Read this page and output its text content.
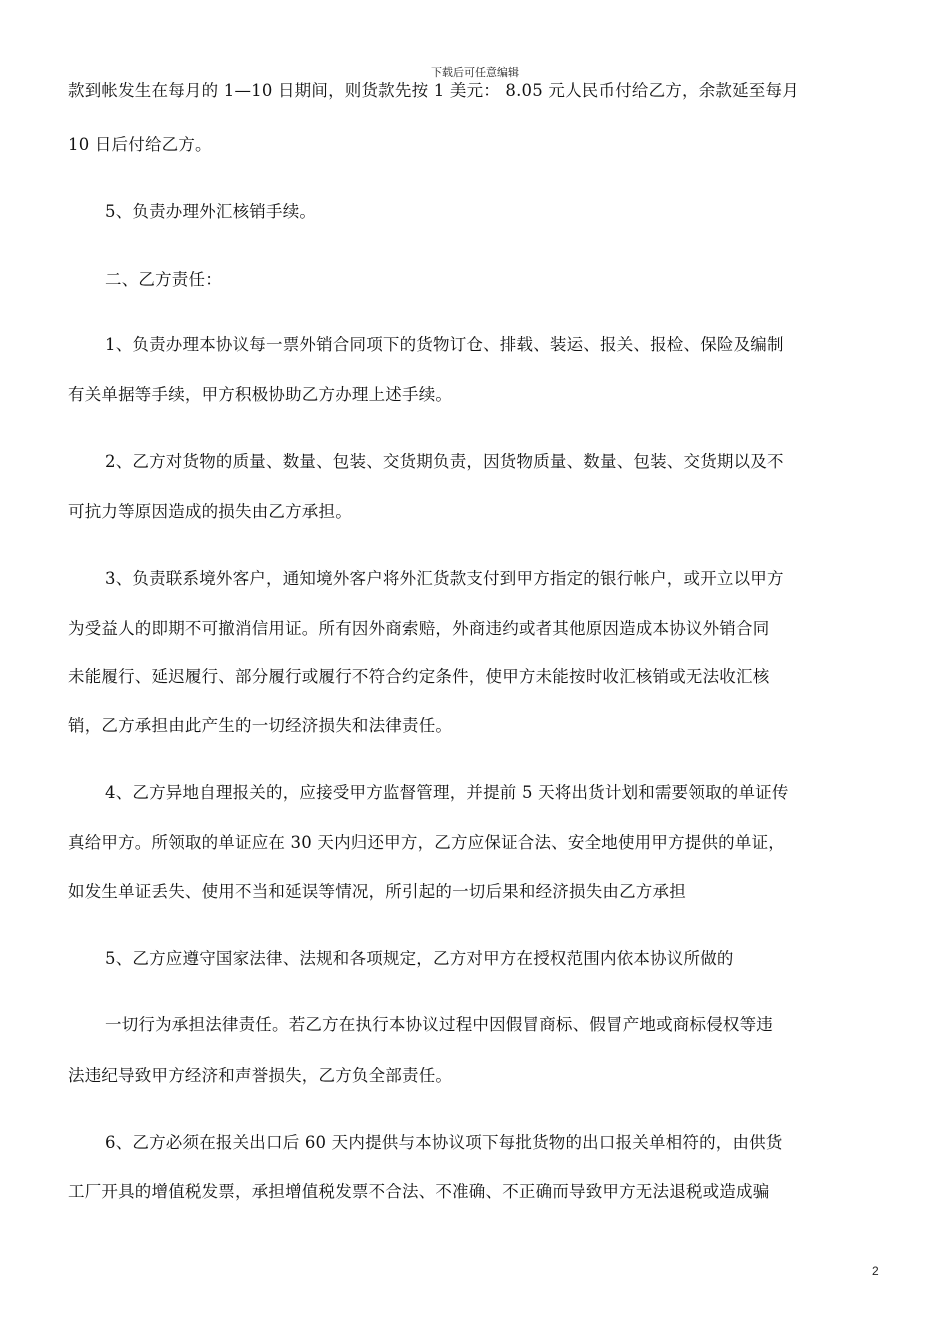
下载后可任意编辑
款到帐发生在每月的 1—10 日期间，则货款先按 1 美元： 8.05 元人民币付给乙方，余款延至每月
10 日后付给乙方。
5、负责办理外汇核销手续。
二、乙方责任：
1、负责办理本协议每一票外销合同项下的货物订仓、排载、装运、报关、报检、保险及编制
有关单据等手续，甲方积极协助乙方办理上述手续。
2、乙方对货物的质量、数量、包装、交货期负责，因货物质量、数量、包装、交货期以及不
可抗力等原因造成的损失由乙方承担。
3、负责联系境外客户，通知境外客户将外汇货款支付到甲方指定的银行帐户，或开立以甲方
为受益人的即期不可撤消信用证。所有因外商索赔，外商违约或者其他原因造成本协议外销合同
未能履行、延迟履行、部分履行或履行不符合约定条件，使甲方未能按时收汇核销或无法收汇核
销，乙方承担由此产生的一切经济损失和法律责任。
4、乙方异地自理报关的，应接受甲方监督管理，并提前 5 天将出货计划和需要领取的单证传
真给甲方。所领取的单证应在 30 天内归还甲方，乙方应保证合法、安全地使用甲方提供的单证，
如发生单证丢失、使用不当和延误等情况，所引起的一切后果和经济损失由乙方承担
5、乙方应遵守国家法律、法规和各项规定，乙方对甲方在授权范围内依本协议所做的
一切行为承担法律责任。若乙方在执行本协议过程中因假冒商标、假冒产地或商标侵权等违
法违纪导致甲方经济和声誉损失，乙方负全部责任。
6、乙方必须在报关出口后 60 天内提供与本协议项下每批货物的出口报关单相符的，由供货
工厂开具的增值税发票，承担增值税发票不合法、不准确、不正确而导致甲方无法退税或造成骗
2
